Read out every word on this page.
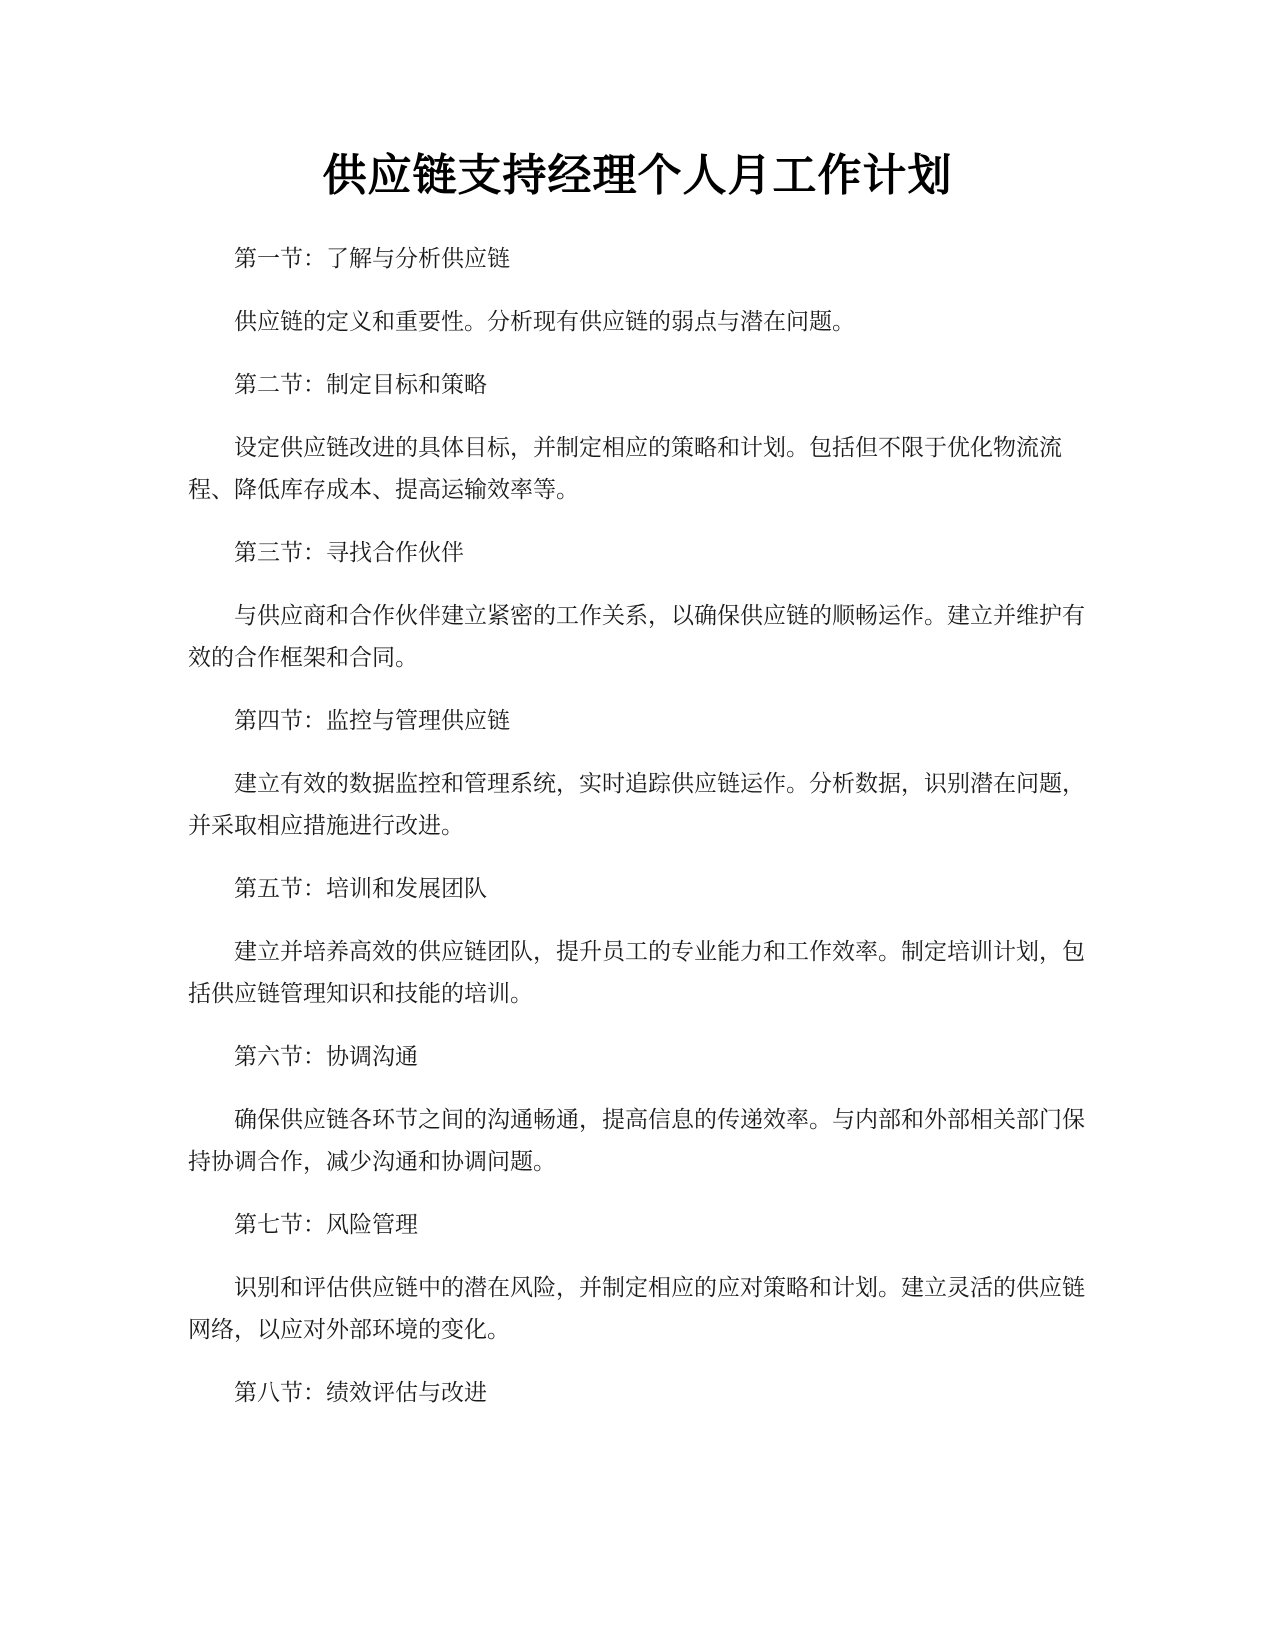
供应链支持经理个人月工作计划

第一节：了解与分析供应链

供应链的定义和重要性。分析现有供应链的弱点与潜在问题。

第二节：制定目标和策略

设定供应链改进的具体目标，并制定相应的策略和计划。包括但不限于优化物流流程、降低库存成本、提高运输效率等。

第三节：寻找合作伙伴

与供应商和合作伙伴建立紧密的工作关系，以确保供应链的顺畅运作。建立并维护有效的合作框架和合同。

第四节：监控与管理供应链

建立有效的数据监控和管理系统，实时追踪供应链运作。分析数据，识别潜在问题，并采取相应措施进行改进。

第五节：培训和发展团队

建立并培养高效的供应链团队，提升员工的专业能力和工作效率。制定培训计划，包括供应链管理知识和技能的培训。

第六节：协调沟通

确保供应链各环节之间的沟通畅通，提高信息的传递效率。与内部和外部相关部门保持协调合作，减少沟通和协调问题。

第七节：风险管理

识别和评估供应链中的潜在风险，并制定相应的应对策略和计划。建立灵活的供应链网络，以应对外部环境的变化。

第八节：绩效评估与改进
